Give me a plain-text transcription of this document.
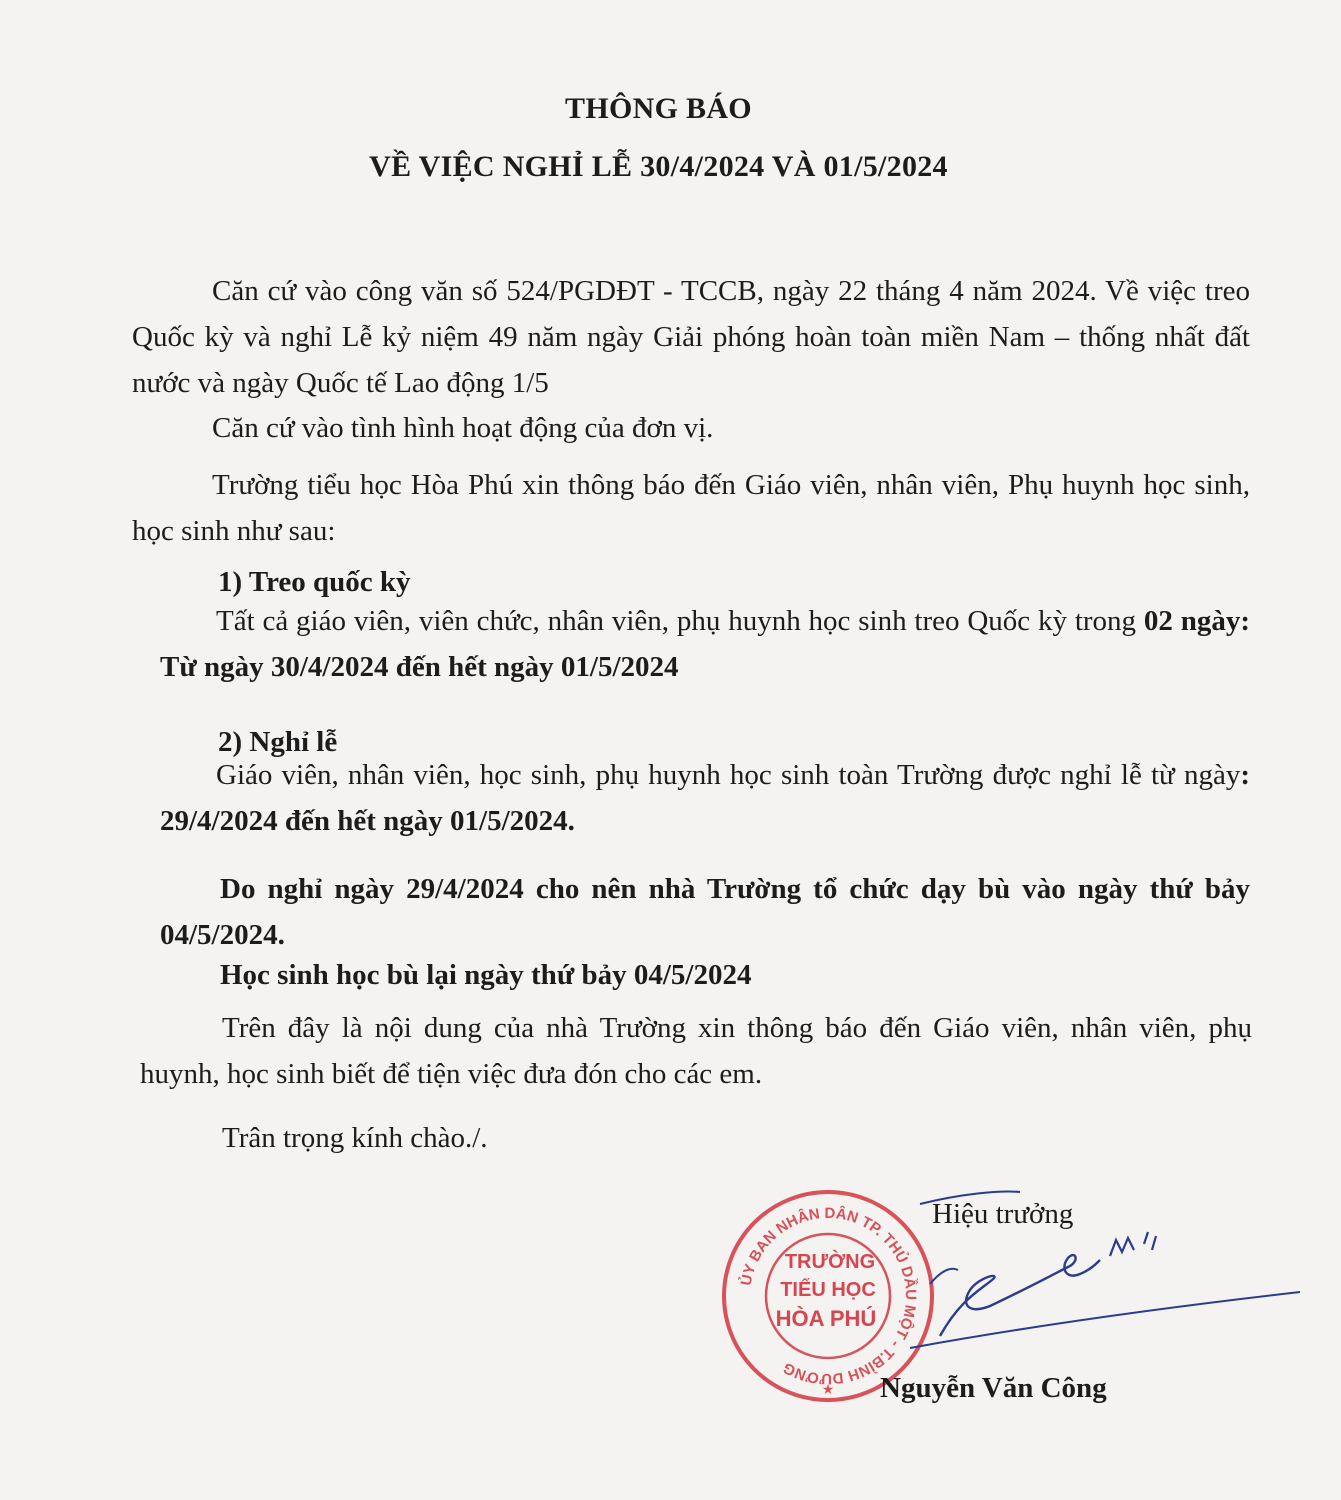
THÔNG BÁO
VỀ VIỆC NGHỈ LỄ 30/4/2024 VÀ 01/5/2024

Căn cứ vào công văn số 524/PGDĐT - TCCB, ngày 22 tháng 4 năm 2024. Về việc treo Quốc kỳ và nghỉ Lễ kỷ niệm 49 năm ngày Giải phóng hoàn toàn miền Nam – thống nhất đất nước và ngày Quốc tế Lao động 1/5

Căn cứ vào tình hình hoạt động của đơn vị.

Trường tiểu học Hòa Phú xin thông báo đến Giáo viên, nhân viên, Phụ huynh học sinh, học sinh như sau:

1) Treo quốc kỳ

Tất cả giáo viên, viên chức, nhân viên, phụ huynh học sinh treo Quốc kỳ trong 02 ngày: Từ ngày 30/4/2024 đến hết ngày 01/5/2024

2) Nghỉ lễ

Giáo viên, nhân viên, học sinh, phụ huynh học sinh toàn Trường được nghỉ lễ từ ngày: 29/4/2024 đến hết ngày 01/5/2024.

Do nghỉ ngày 29/4/2024 cho nên nhà Trường tổ chức dạy bù vào ngày thứ bảy 04/5/2024.

Học sinh học bù lại ngày thứ bảy 04/5/2024

Trên đây là nội dung của nhà Trường xin thông báo đến Giáo viên, nhân viên, phụ huynh, học sinh biết để tiện việc đưa đón cho các em.

Trân trọng kính chào./.

Hiệu trưởng
ỦY BAN NHÂN DÂN TP. THỦ DẦU MỘT - T.BÌNH DƯƠNG
TRƯỜNG
TIỂU HỌC
HÒA PHÚ
★ Nguyễn Văn Công
